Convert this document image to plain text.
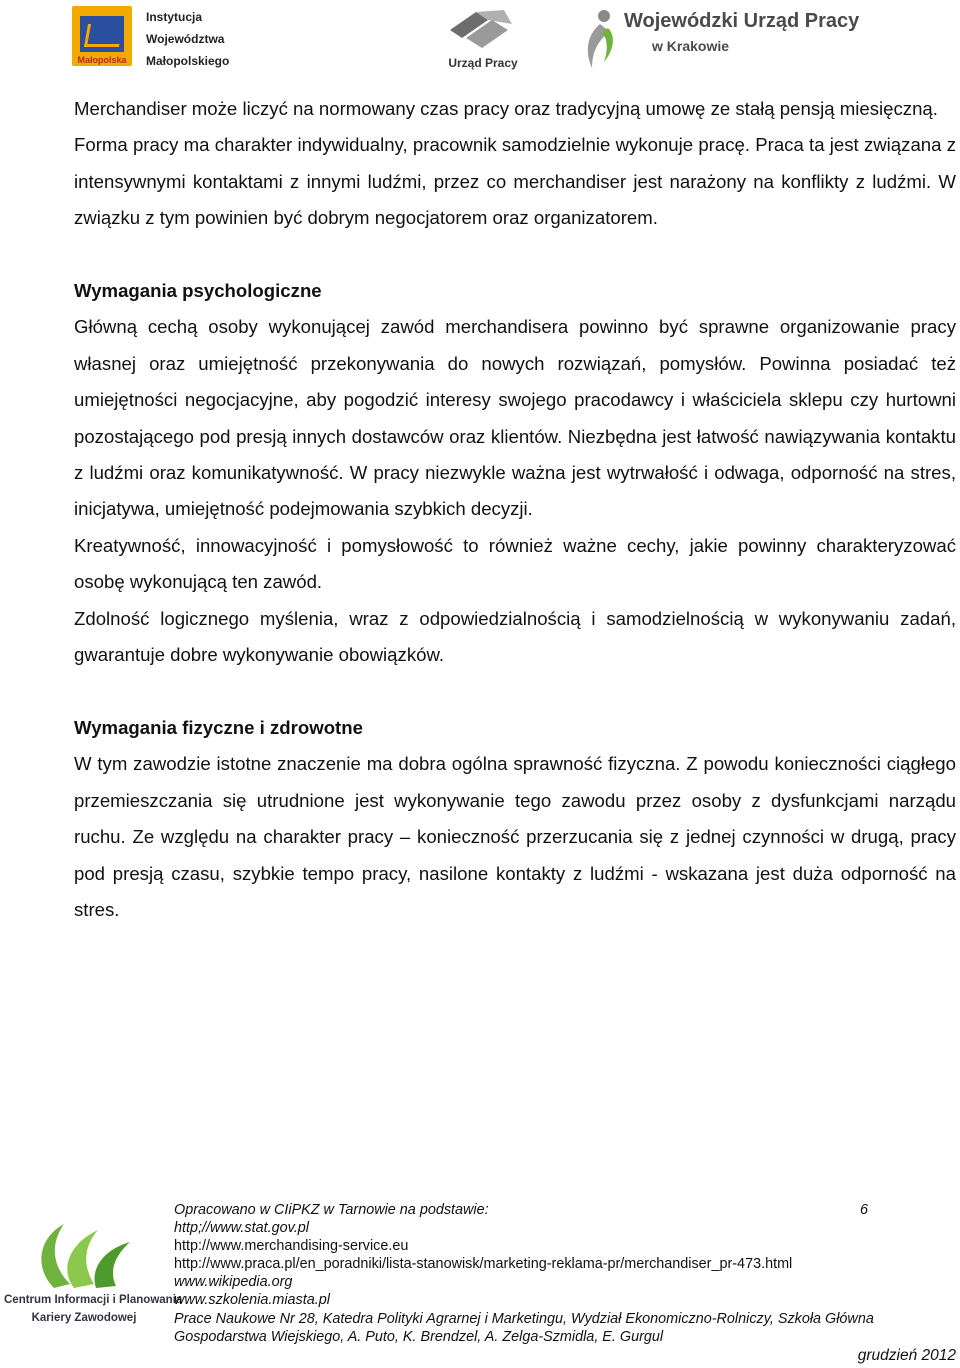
Małopolska
Instytucja
Województwa
Małopolskiego	Urząd Pracy
Wojewódzki Urząd Pracy
w Krakowie

Merchandiser może liczyć na normowany czas pracy oraz tradycyjną umowę ze stałą pensją miesięczną.

Forma pracy ma charakter indywidualny, pracownik samodzielnie wykonuje pracę. Praca ta jest związana z intensywnymi kontaktami z innymi ludźmi, przez co merchandiser jest narażony na konflikty z ludźmi. W związku z tym powinien być dobrym negocjatorem oraz organizatorem.

Wymagania psychologiczne

Główną cechą osoby wykonującej zawód merchandisera powinno być sprawne organizowanie pracy własnej oraz umiejętność przekonywania do nowych rozwiązań, pomysłów. Powinna posiadać też umiejętności negocjacyjne, aby pogodzić interesy swojego pracodawcy i właściciela sklepu czy hurtowni pozostającego pod presją innych dostawców oraz klientów. Niezbędna jest łatwość nawiązywania kontaktu z ludźmi oraz komunikatywność. W pracy niezwykle ważna jest wytrwałość i odwaga, odporność na stres, inicjatywa, umiejętność podejmowania szybkich decyzji.

Kreatywność, innowacyjność i pomysłowość to również ważne cechy, jakie powinny charakteryzować osobę wykonującą ten zawód.

Zdolność logicznego myślenia, wraz z odpowiedzialnością i samodzielnością w wykonywaniu zadań, gwarantuje dobre wykonywanie obowiązków.

Wymagania fizyczne i zdrowotne

W tym zawodzie istotne znaczenie ma dobra ogólna sprawność fizyczna. Z powodu konieczności ciągłego przemieszczania się utrudnione jest wykonywanie tego zawodu przez osoby z dysfunkcjami narządu ruchu. Ze względu na charakter pracy – konieczność przerzucania się z jednej czynności w drugą, pracy pod presją czasu, szybkie tempo pracy, nasilone kontakty z ludźmi - wskazana jest duża odporność na stres.

Centrum Informacji i Planowania
Kariery Zawodowej
Opracowano w CIiPKZ w Tarnowie na podstawie:
http;//www.stat.gov.pl
http://www.merchandising-service.eu
http://www.praca.pl/en_poradniki/lista-stanowisk/marketing-reklama-pr/merchandiser_pr-473.html
www.wikipedia.org
www.szkolenia.miasta.pl
Prace Naukowe Nr 28, Katedra Polityki Agrarnej i Marketingu, Wydział Ekonomiczno-Rolniczy, Szkoła Główna Gospodarstwa Wiejskiego, A. Puto, K. Brendzel, A. Zelga-Szmidla, E. Gurgul
6
grudzień 2012
